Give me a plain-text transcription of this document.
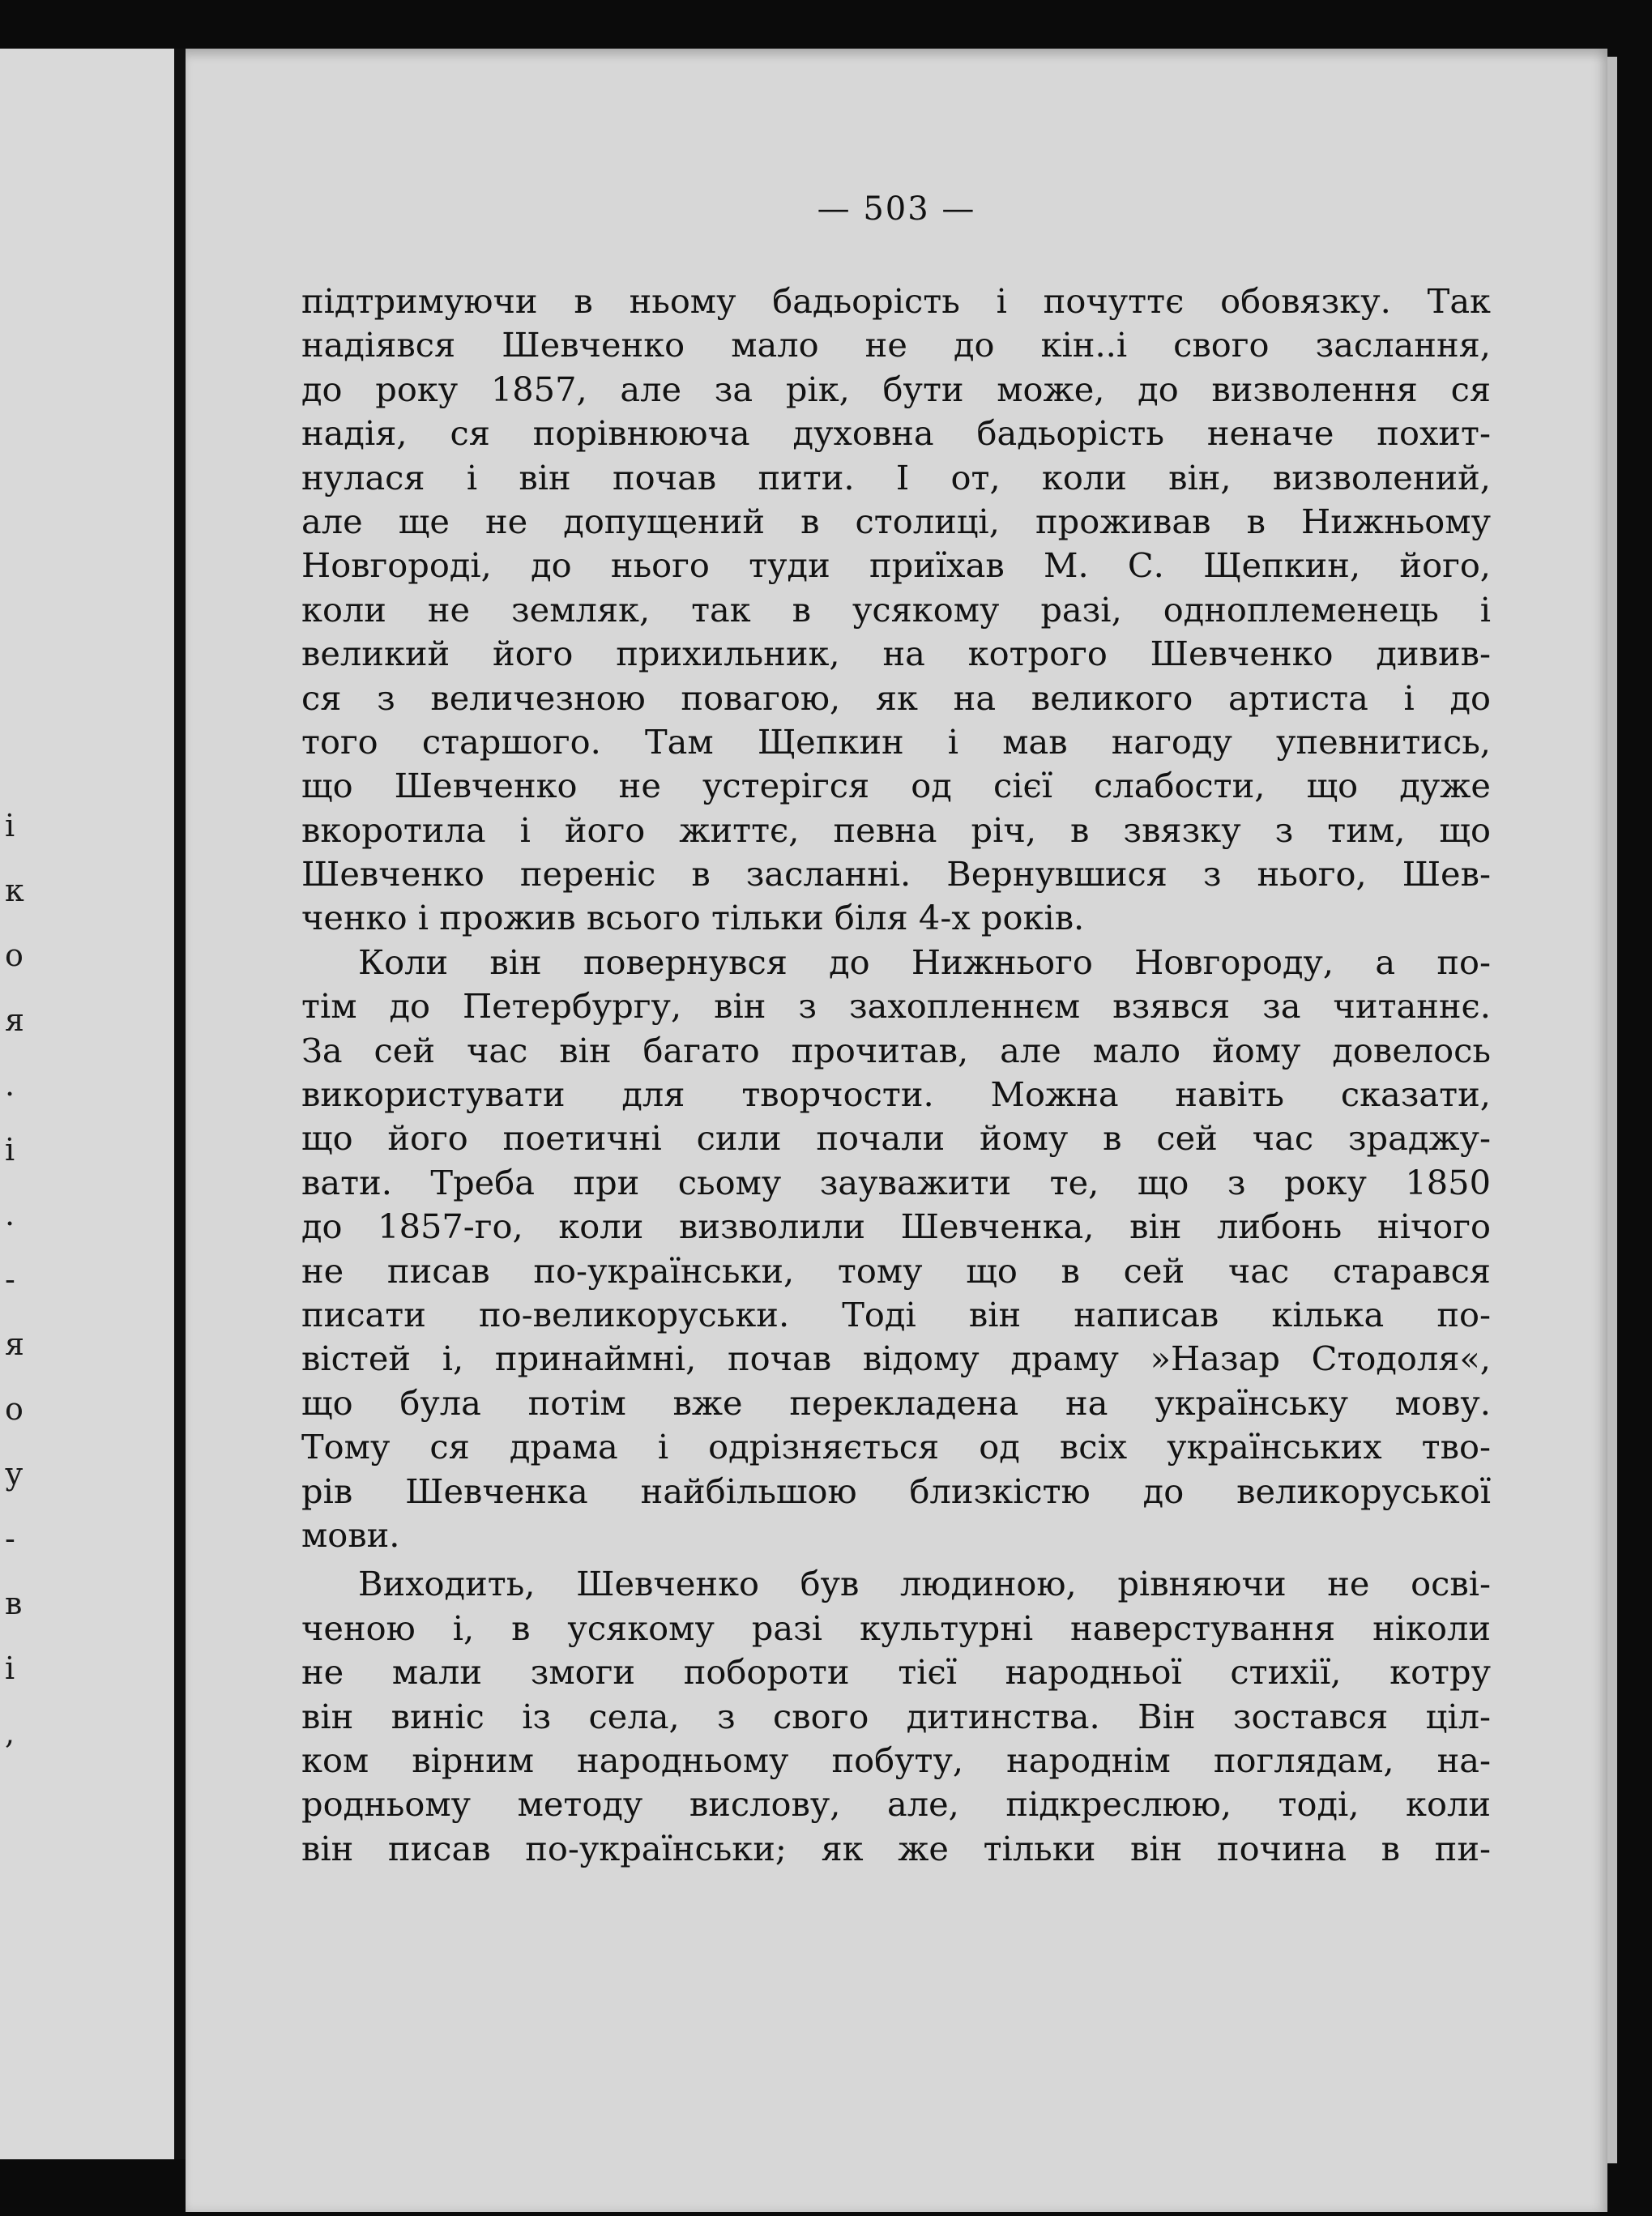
і
к
о
я
.
і
.
-
я
о
у
-
в
і
,
— 503 —
підтримуючи в ньому бадьорість і почуттє обовязку. Так
надіявся Шевченко мало не до кін..і свого заслання,
до року 1857, але за рік, бути може, до визволення ся
надія, ся порівнююча духовна бадьорість неначе похит-
нулася і він почав пити. І от, коли він, визволений,
але ще не допущений в столиці, проживав в Нижньому
Новгороді, до нього туди приїхав М. С. Щепкин, його,
коли не земляк, так в усякому разі, одноплеменець і
великий його прихильник, на котрого Шевченко дивив-
ся з величезною повагою, як на великого артиста і до
того старшого. Там Щепкин і мав нагоду упевнитись,
що Шевченко не устерігся од сієї слабости, що дуже
вкоротила і його життє, певна річ, в звязку з тим, що
Шевченко переніс в засланні. Вернувшися з нього, Шев-
ченко і прожив всього тільки біля 4-х років.
Коли він повернувся до Нижнього Новгороду, а по-
тім до Петербургу, він з захопленнєм взявся за читаннє.
За сей час він багато прочитав, але мало йому довелось
використувати для творчости. Можна навіть сказати,
що його поетичні сили почали йому в сей час зраджу-
вати. Треба при сьому зауважити те, що з року 1850
до 1857-го, коли визволили Шевченка, він либонь нічого
не писав по-українськи, тому що в сей час старався
писати по-великоруськи. Тоді він написав кілька по-
вістей і, принаймні, почав відому драму »Назар Стодоля«,
що була потім вже перекладена на українську мову.
Тому ся драма і одрізняється од всіх українських тво-
рів Шевченка найбільшою близкістю до великоруської
мови.
Виходить, Шевченко був людиною, рівняючи не осві-
ченою і, в усякому разі культурні наверстування ніколи
не мали змоги побороти тієї народньої стихії, котру
він виніс із села, з свого дитинства. Він зостався ціл-
ком вірним народньому побуту, народнім поглядам, на-
родньому методу вислову, але, підкреслюю, тоді, коли
він писав по-українськи; як же тільки він почина в пи-
